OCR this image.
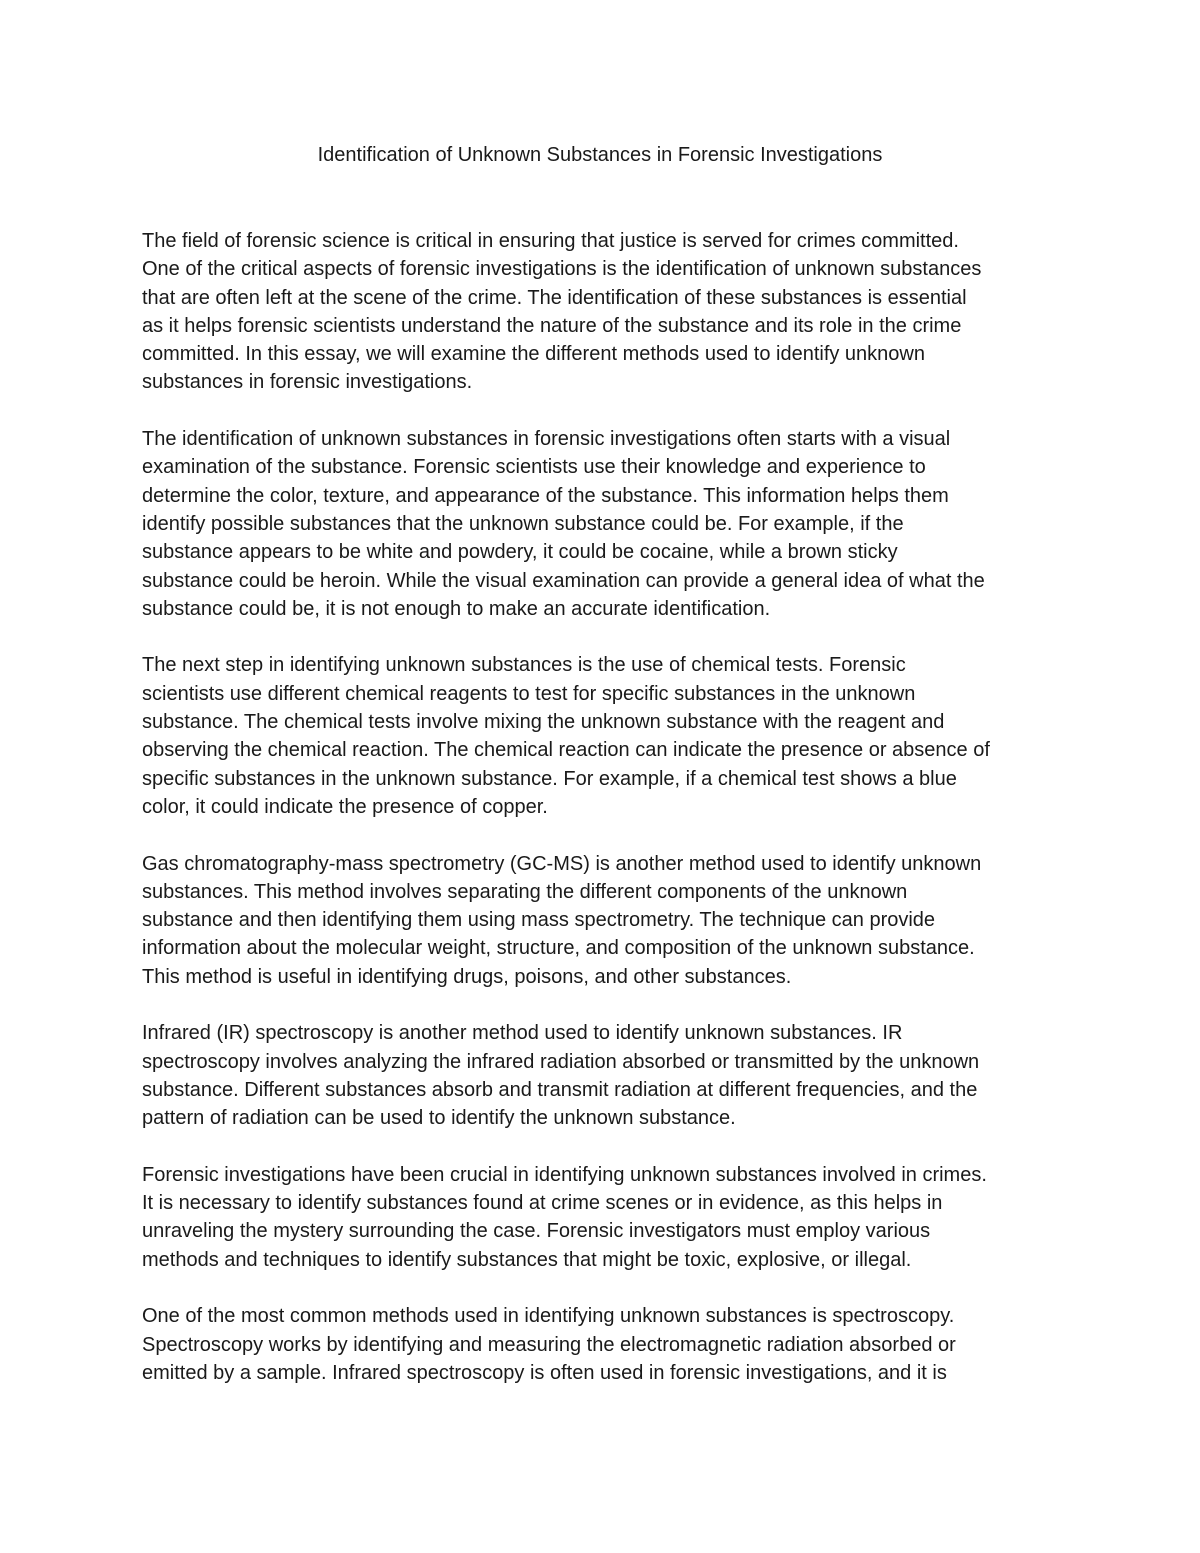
Identification of Unknown Substances in Forensic Investigations

The field of forensic science is critical in ensuring that justice is served for crimes committed.
One of the critical aspects of forensic investigations is the identification of unknown substances
that are often left at the scene of the crime. The identification of these substances is essential
as it helps forensic scientists understand the nature of the substance and its role in the crime
committed. In this essay, we will examine the different methods used to identify unknown
substances in forensic investigations.

The identification of unknown substances in forensic investigations often starts with a visual
examination of the substance. Forensic scientists use their knowledge and experience to
determine the color, texture, and appearance of the substance. This information helps them
identify possible substances that the unknown substance could be. For example, if the
substance appears to be white and powdery, it could be cocaine, while a brown sticky
substance could be heroin. While the visual examination can provide a general idea of what the
substance could be, it is not enough to make an accurate identification.

The next step in identifying unknown substances is the use of chemical tests. Forensic
scientists use different chemical reagents to test for specific substances in the unknown
substance. The chemical tests involve mixing the unknown substance with the reagent and
observing the chemical reaction. The chemical reaction can indicate the presence or absence of
specific substances in the unknown substance. For example, if a chemical test shows a blue
color, it could indicate the presence of copper.

Gas chromatography-mass spectrometry (GC-MS) is another method used to identify unknown
substances. This method involves separating the different components of the unknown
substance and then identifying them using mass spectrometry. The technique can provide
information about the molecular weight, structure, and composition of the unknown substance.
This method is useful in identifying drugs, poisons, and other substances.

Infrared (IR) spectroscopy is another method used to identify unknown substances. IR
spectroscopy involves analyzing the infrared radiation absorbed or transmitted by the unknown
substance. Different substances absorb and transmit radiation at different frequencies, and the
pattern of radiation can be used to identify the unknown substance.

Forensic investigations have been crucial in identifying unknown substances involved in crimes.
It is necessary to identify substances found at crime scenes or in evidence, as this helps in
unraveling the mystery surrounding the case. Forensic investigators must employ various
methods and techniques to identify substances that might be toxic, explosive, or illegal.

One of the most common methods used in identifying unknown substances is spectroscopy.
Spectroscopy works by identifying and measuring the electromagnetic radiation absorbed or
emitted by a sample. Infrared spectroscopy is often used in forensic investigations, and it is
